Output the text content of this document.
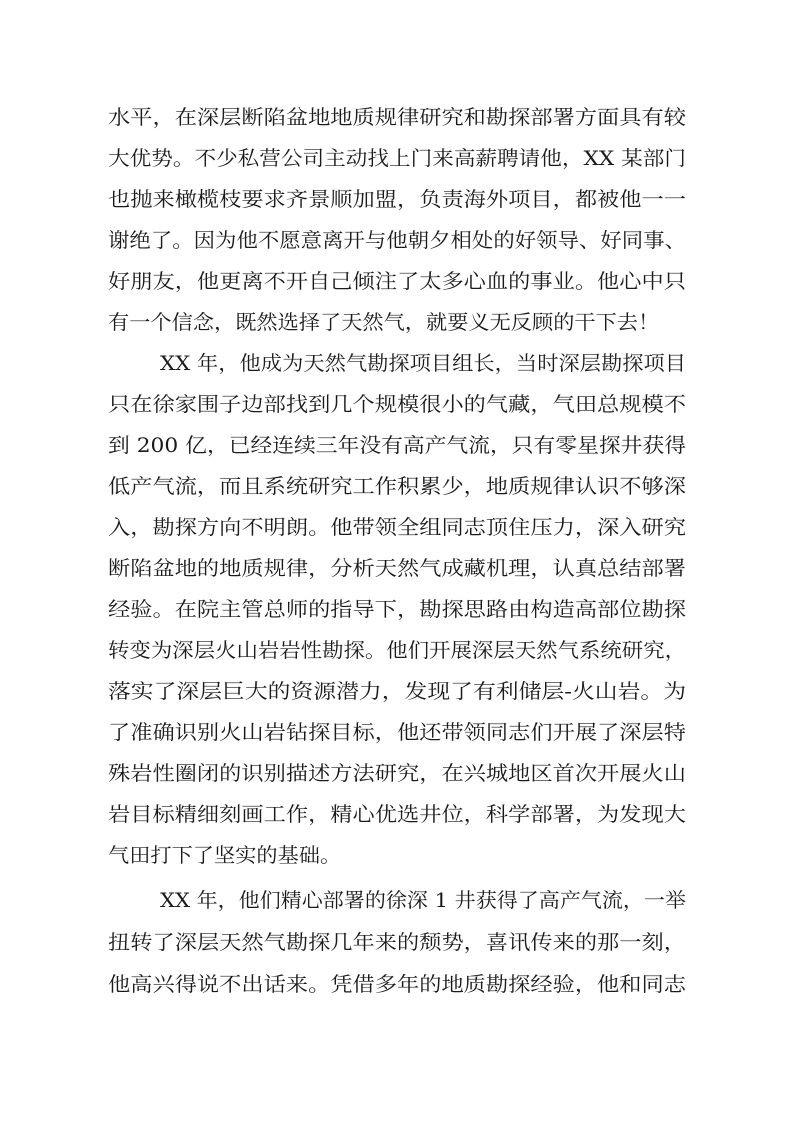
水平，在深层断陷盆地地质规律研究和勘探部署方面具有较
大优势。不少私营公司主动找上门来高薪聘请他，XX 某部门
也抛来橄榄枝要求齐景顺加盟，负责海外项目，都被他一一
谢绝了。因为他不愿意离开与他朝夕相处的好领导、好同事、
好朋友，他更离不开自己倾注了太多心血的事业。他心中只
有一个信念，既然选择了天然气，就要义无反顾的干下去！
XX 年，他成为天然气勘探项目组长，当时深层勘探项目
只在徐家围子边部找到几个规模很小的气藏，气田总规模不
到 200 亿，已经连续三年没有高产气流，只有零星探井获得
低产气流，而且系统研究工作积累少，地质规律认识不够深
入，勘探方向不明朗。他带领全组同志顶住压力，深入研究
断陷盆地的地质规律，分析天然气成藏机理，认真总结部署
经验。在院主管总师的指导下，勘探思路由构造高部位勘探
转变为深层火山岩岩性勘探。他们开展深层天然气系统研究，
落实了深层巨大的资源潜力，发现了有利储层-火山岩。为
了准确识别火山岩钻探目标，他还带领同志们开展了深层特
殊岩性圈闭的识别描述方法研究，在兴城地区首次开展火山
岩目标精细刻画工作，精心优选井位，科学部署，为发现大
气田打下了坚实的基础。
XX 年，他们精心部署的徐深 1 井获得了高产气流，一举
扭转了深层天然气勘探几年来的颓势，喜讯传来的那一刻，
他高兴得说不出话来。凭借多年的地质勘探经验，他和同志
